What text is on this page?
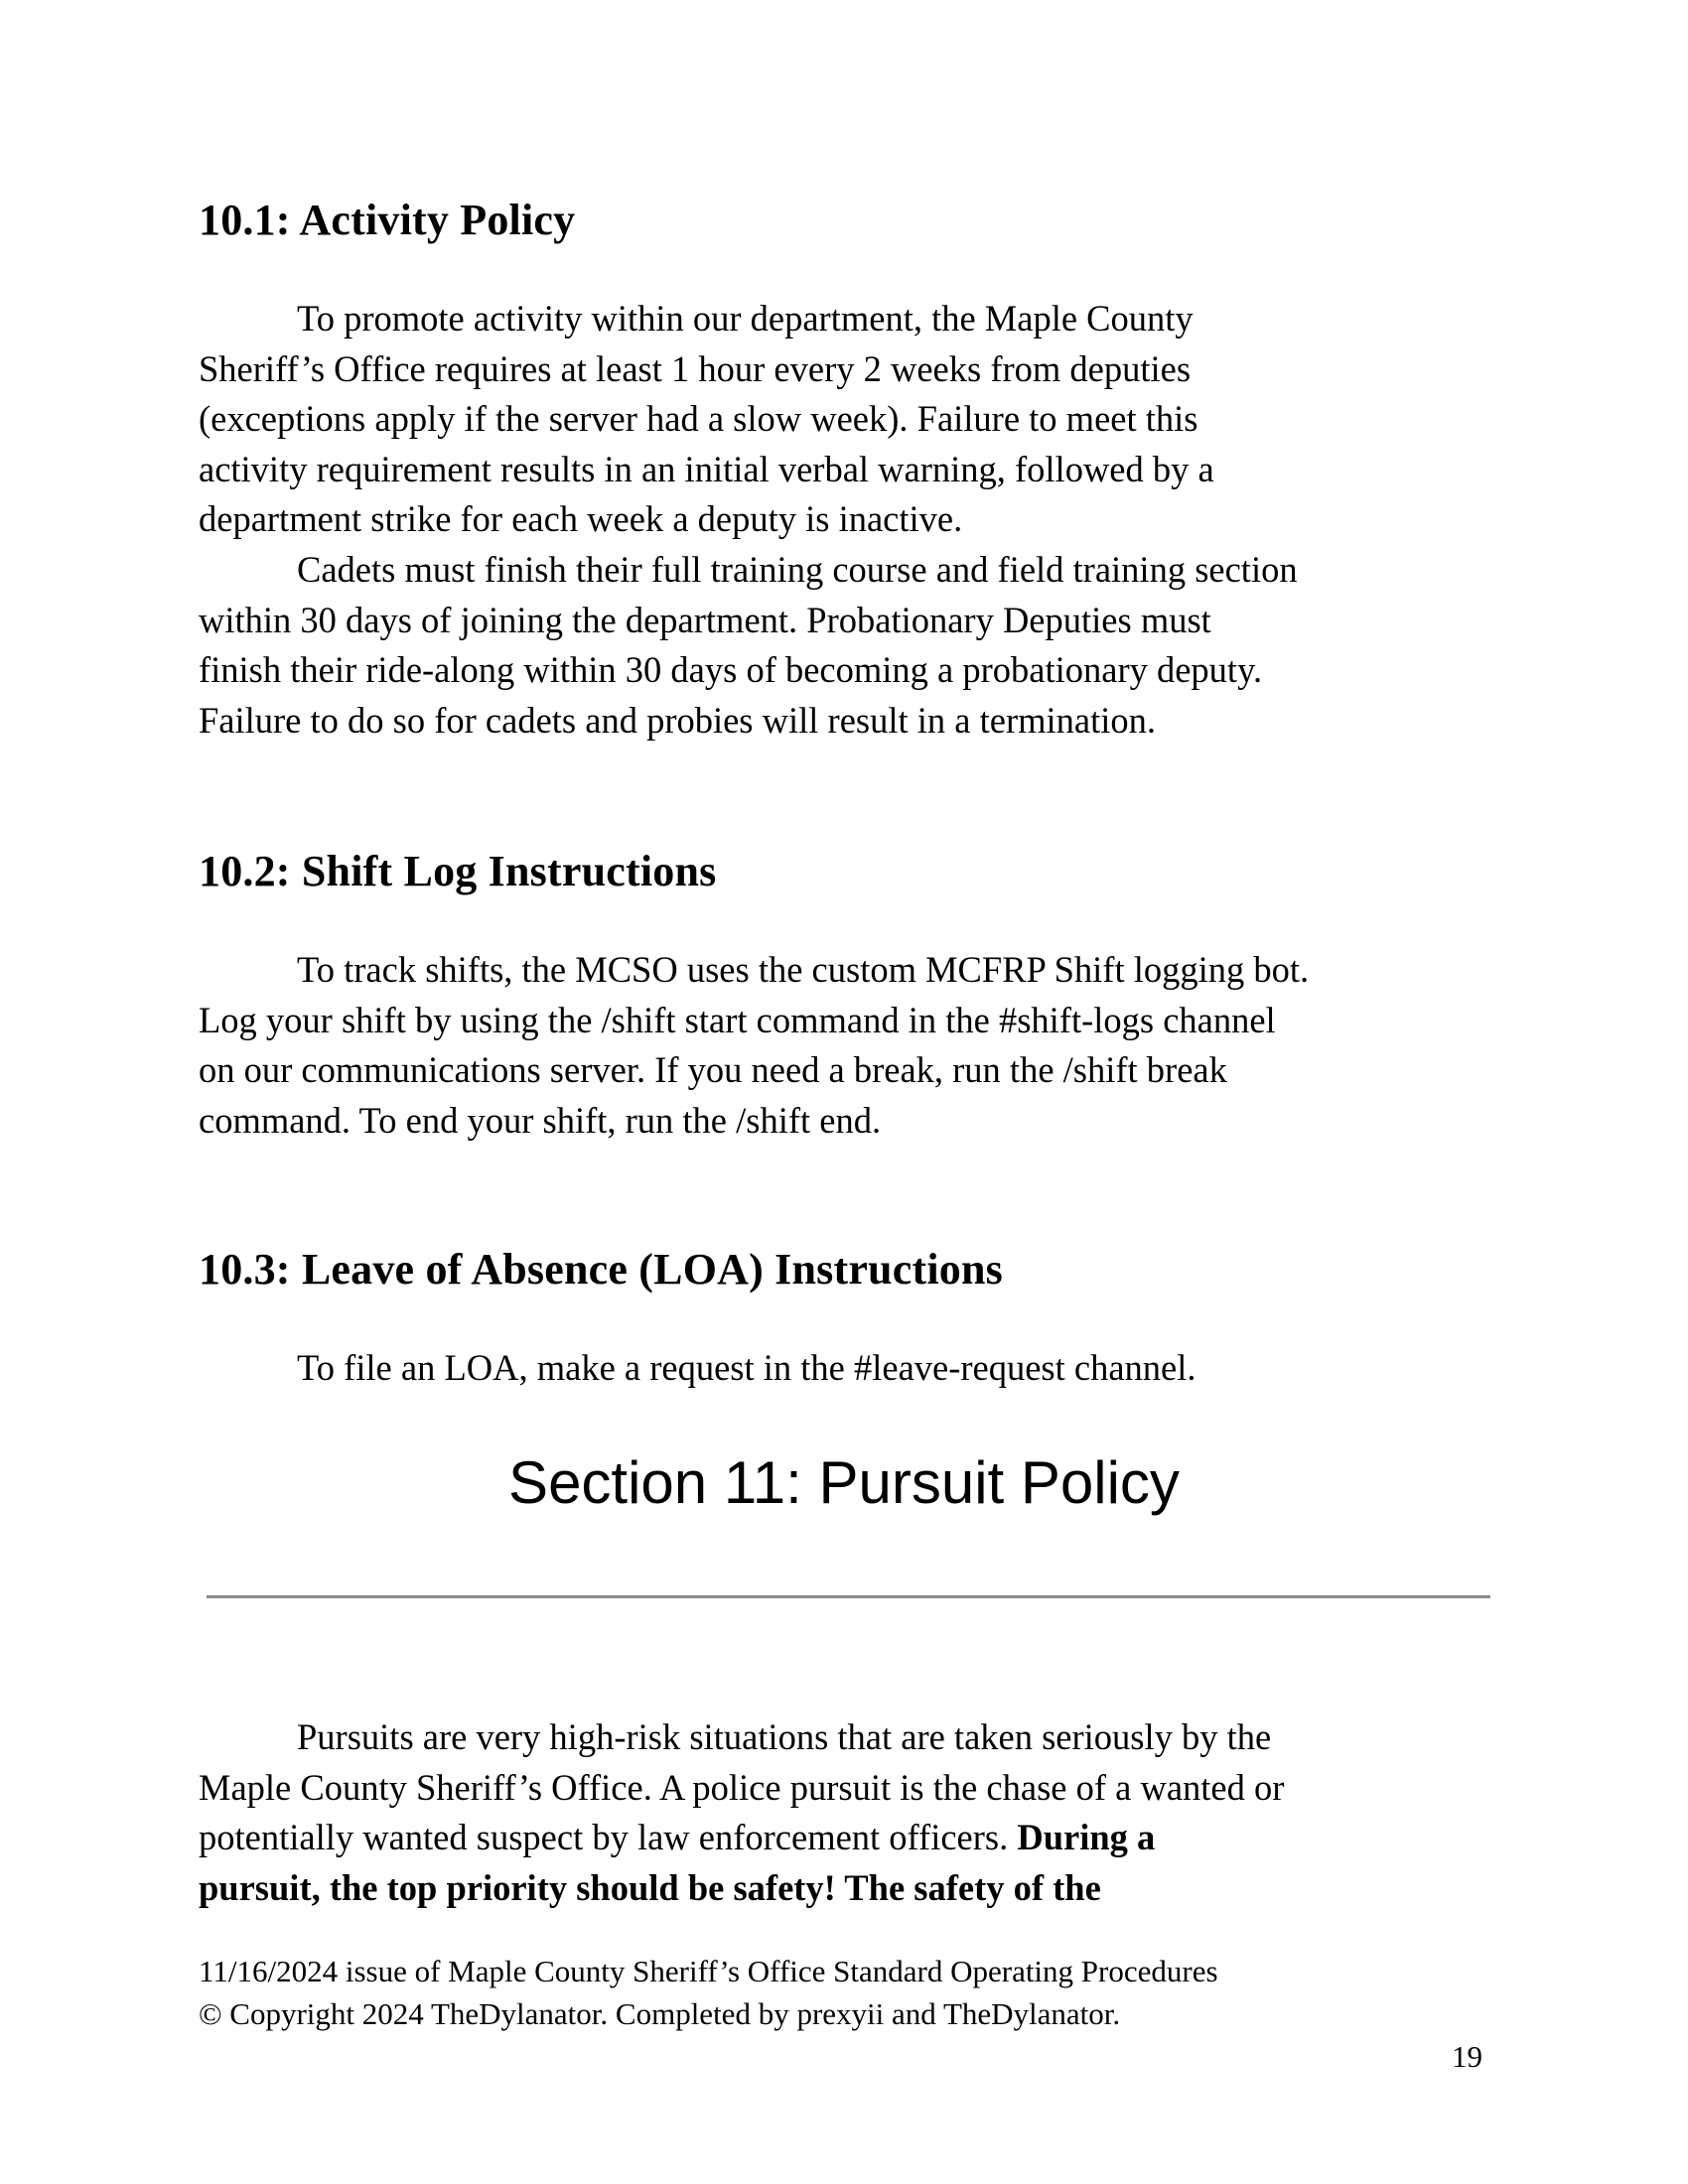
10.1: Activity Policy
To promote activity within our department, the Maple County
Sheriff’s Office requires at least 1 hour every 2 weeks from deputies
(exceptions apply if the server had a slow week). Failure to meet this
activity requirement results in an initial verbal warning, followed by a
department strike for each week a deputy is inactive.
Cadets must finish their full training course and field training section
within 30 days of joining the department. Probationary Deputies must
finish their ride-along within 30 days of becoming a probationary deputy.
Failure to do so for cadets and probies will result in a termination.
10.2: Shift Log Instructions
To track shifts, the MCSO uses the custom MCFRP Shift logging bot.
Log your shift by using the /shift start command in the #shift-logs channel
on our communications server. If you need a break, run the /shift break
command. To end your shift, run the /shift end.
10.3: Leave of Absence (LOA) Instructions
To file an LOA, make a request in the #leave-request channel.
Section 11: Pursuit Policy
Pursuits are very high-risk situations that are taken seriously by the
Maple County Sheriff’s Office. A police pursuit is the chase of a wanted or
potentially wanted suspect by law enforcement officers. During a
pursuit, the top priority should be safety! The safety of the
11/16/2024 issue of Maple County Sheriff’s Office Standard Operating Procedures
© Copyright 2024 TheDylanator. Completed by prexyii and TheDylanator.
19
